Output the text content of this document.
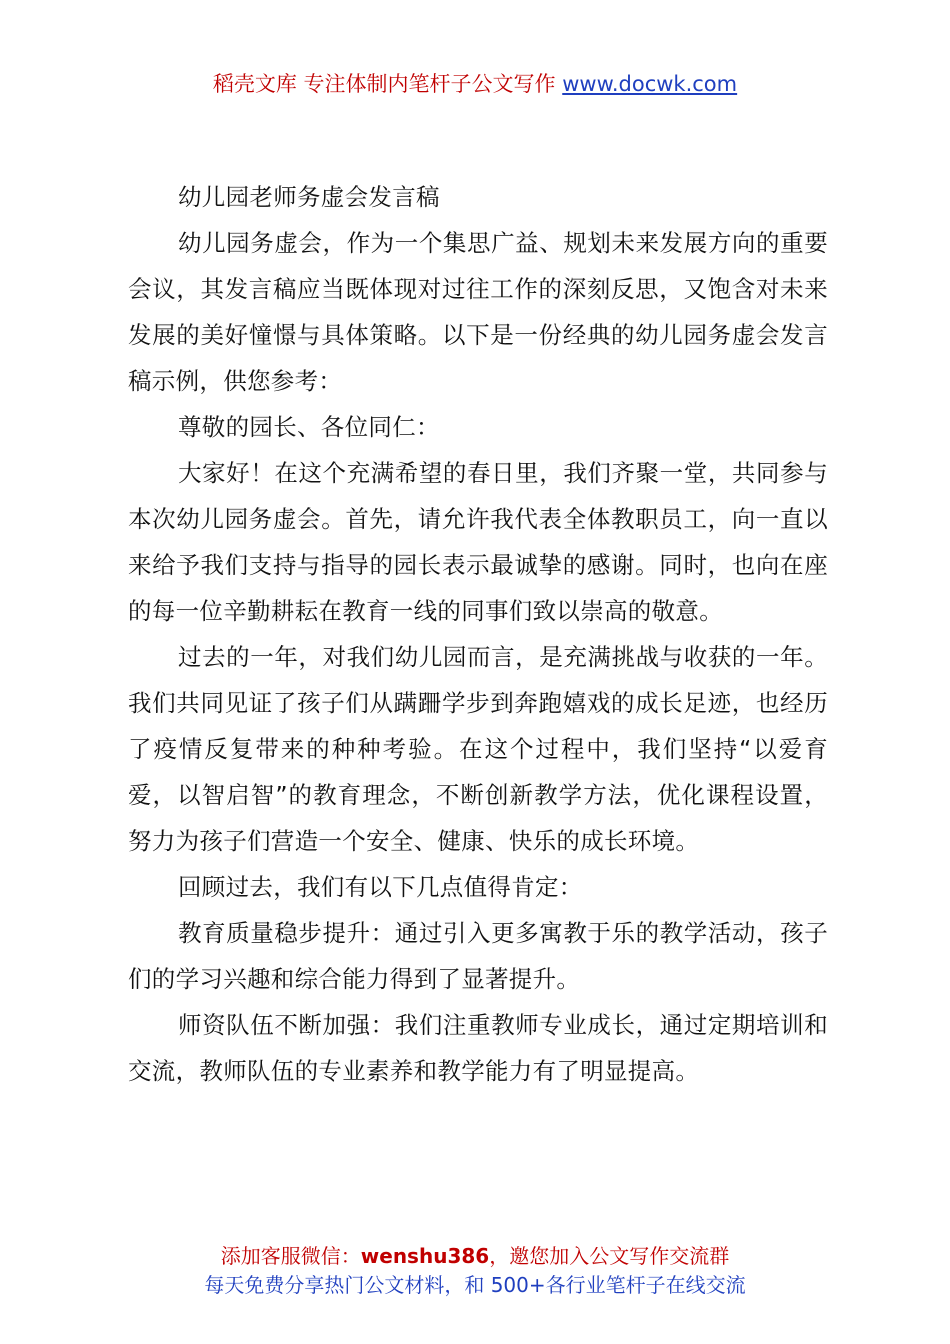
稻壳文库 专注体制内笔杆子公文写作 www.docwk.com

幼儿园老师务虚会发言稿

幼儿园务虚会，作为一个集思广益、规划未来发展方向的重要会议，其发言稿应当既体现对过往工作的深刻反思，又饱含对未来发展的美好憧憬与具体策略。以下是一份经典的幼儿园务虚会发言稿示例，供您参考：

尊敬的园长、各位同仁：

大家好！在这个充满希望的春日里，我们齐聚一堂，共同参与本次幼儿园务虚会。首先，请允许我代表全体教职员工，向一直以来给予我们支持与指导的园长表示最诚挚的感谢。同时，也向在座的每一位辛勤耕耘在教育一线的同事们致以崇高的敬意。

过去的一年，对我们幼儿园而言，是充满挑战与收获的一年。我们共同见证了孩子们从蹒跚学步到奔跑嬉戏的成长足迹，也经历了疫情反复带来的种种考验。在这个过程中，我们坚持“以爱育爱，以智启智”的教育理念，不断创新教学方法，优化课程设置，努力为孩子们营造一个安全、健康、快乐的成长环境。

回顾过去，我们有以下几点值得肯定：

教育质量稳步提升：通过引入更多寓教于乐的教学活动，孩子们的学习兴趣和综合能力得到了显著提升。

师资队伍不断加强：我们注重教师专业成长，通过定期培训和交流，教师队伍的专业素养和教学能力有了明显提高。

添加客服微信：wenshu386，邀您加入公文写作交流群
每天免费分享热门公文材料，和 500+各行业笔杆子在线交流
